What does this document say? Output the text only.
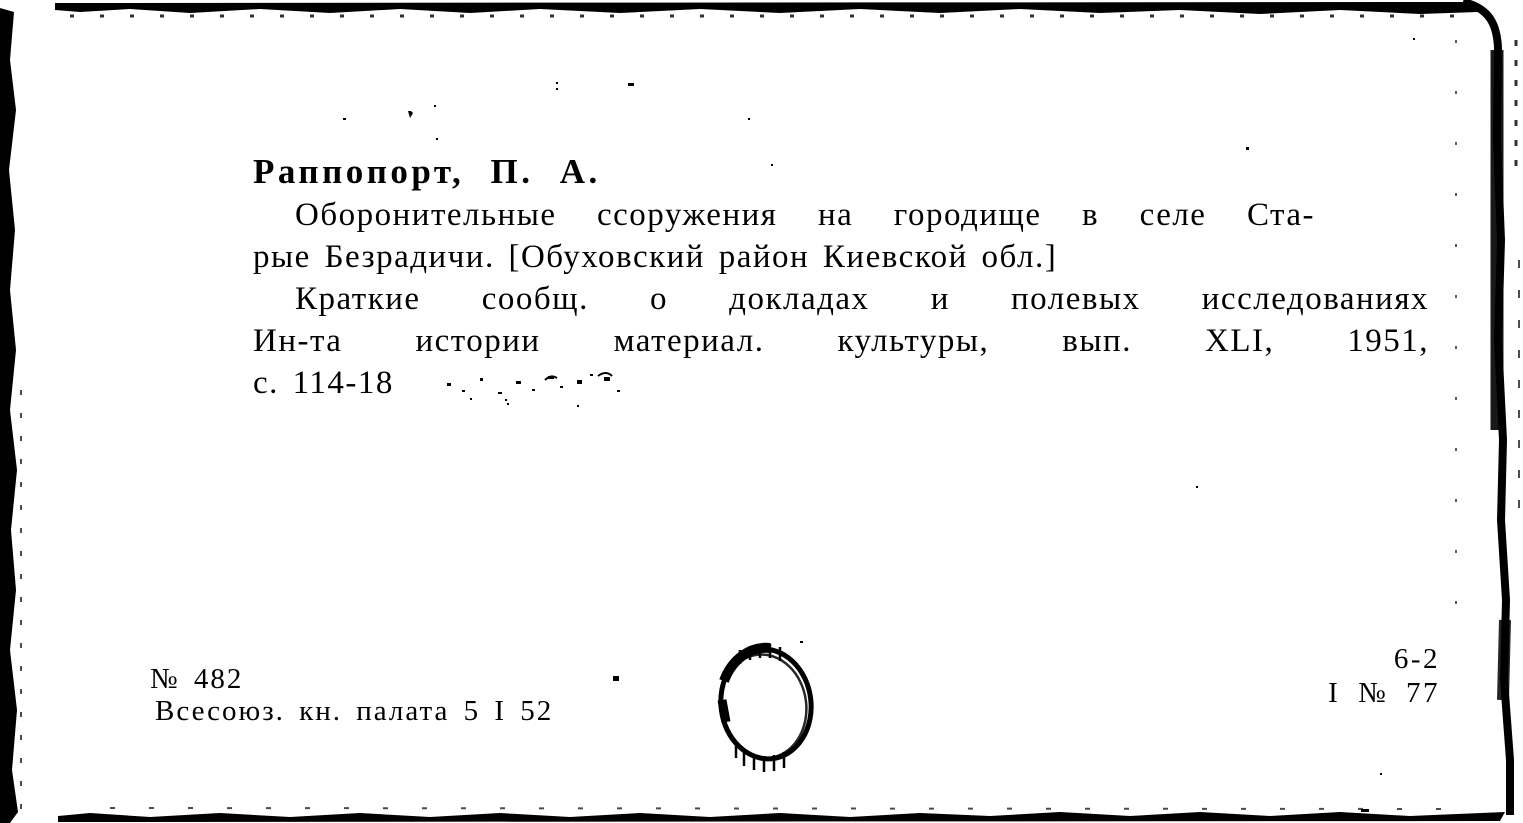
Раппопорт, П. А.
Оборонительные ссоружения на городище в селе Ста-
рые Безрадичи. [Обуховский район Киевской обл.]
Краткие сообщ. о докладах и полевых исследованиях
Ин-та истории материал. культуры, вып. XLI, 1951,
с. 114-18
№ 482
Всесоюз. кн. палата 5 I 52
6-2
I № 77
